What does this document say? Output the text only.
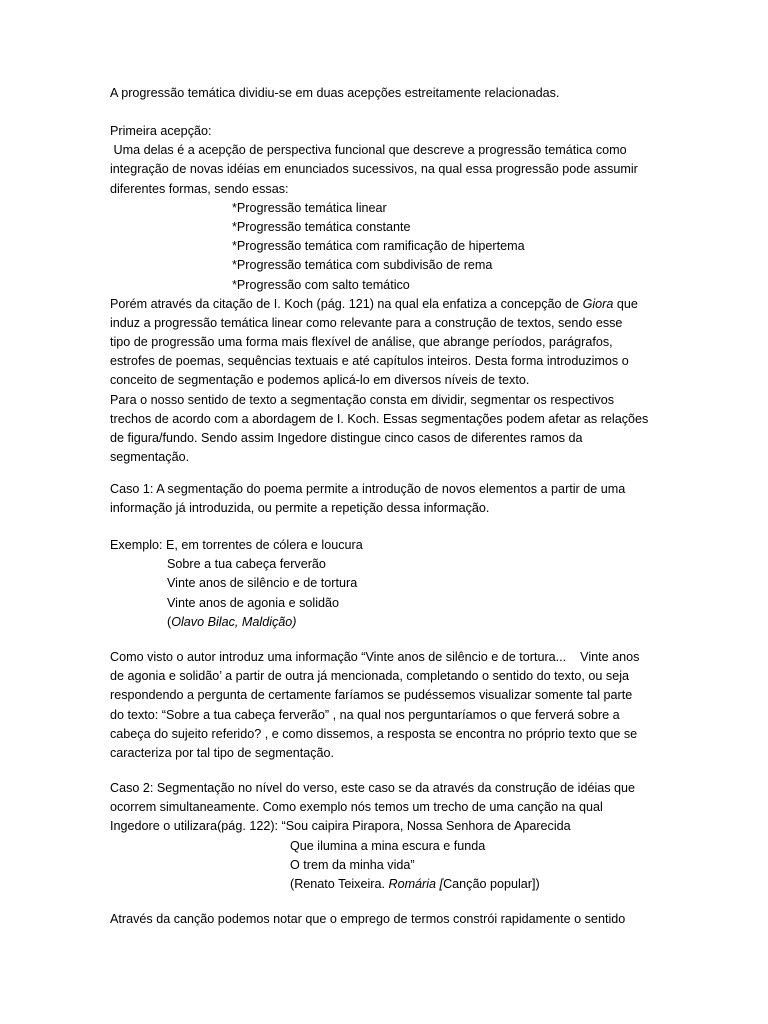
A progressão temática dividiu-se em duas acepções estreitamente relacionadas.

Primeira acepção:
Uma delas é a acepção de perspectiva funcional que descreve a progressão temática como
integração de novas idéias em enunciados sucessivos, na qual essa progressão pode assumir
diferentes formas, sendo essas:
*Progressão temática linear
*Progressão temática constante
*Progressão temática com ramificação de hipertema
*Progressão temática com subdivisão de rema
*Progressão com salto temático
Porém através da citação de I. Koch (pág. 121) na qual ela enfatiza a concepção de Giora que
induz a progressão temática linear como relevante para a construção de textos, sendo esse
tipo de progressão uma forma mais flexível de análise, que abrange períodos, parágrafos,
estrofes de poemas, sequências textuais e até capítulos inteiros. Desta forma introduzimos o
conceito de segmentação e podemos aplicá-lo em diversos níveis de texto.
Para o nosso sentido de texto a segmentação consta em dividir, segmentar os respectivos
trechos de acordo com a abordagem de I. Koch. Essas segmentações podem afetar as relações
de figura/fundo. Sendo assim Ingedore distingue cinco casos de diferentes ramos da
segmentação.
Caso 1: A segmentação do poema permite a introdução de novos elementos a partir de uma
informação já introduzida, ou permite a repetição dessa informação.
Exemplo: E, em torrentes de cólera e loucura
Sobre a tua cabeça ferverão
Vinte anos de silêncio e de tortura
Vinte anos de agonia e solidão
(Olavo Bilac, Maldição)
Como visto o autor introduz uma informação “Vinte anos de silêncio e de tortura...    Vinte anos
de agonia e solidão’ a partir de outra já mencionada, completando o sentido do texto, ou seja
respondendo a pergunta de certamente faríamos se pudéssemos visualizar somente tal parte
do texto: “Sobre a tua cabeça ferverão” , na qual nos perguntaríamos o que ferverá sobre a
cabeça do sujeito referido? , e como dissemos, a resposta se encontra no próprio texto que se
caracteriza por tal tipo de segmentação.
Caso 2: Segmentação no nível do verso, este caso se da através da construção de idéias que
ocorrem simultaneamente. Como exemplo nós temos um trecho de uma canção na qual
Ingedore o utilizara(pág. 122): “Sou caipira Pirapora, Nossa Senhora de Aparecida
Que ilumina a mina escura e funda
O trem da minha vida”
(Renato Teixeira. Romária [Canção popular])

Através da canção podemos notar que o emprego de termos constrói rapidamente o sentido
